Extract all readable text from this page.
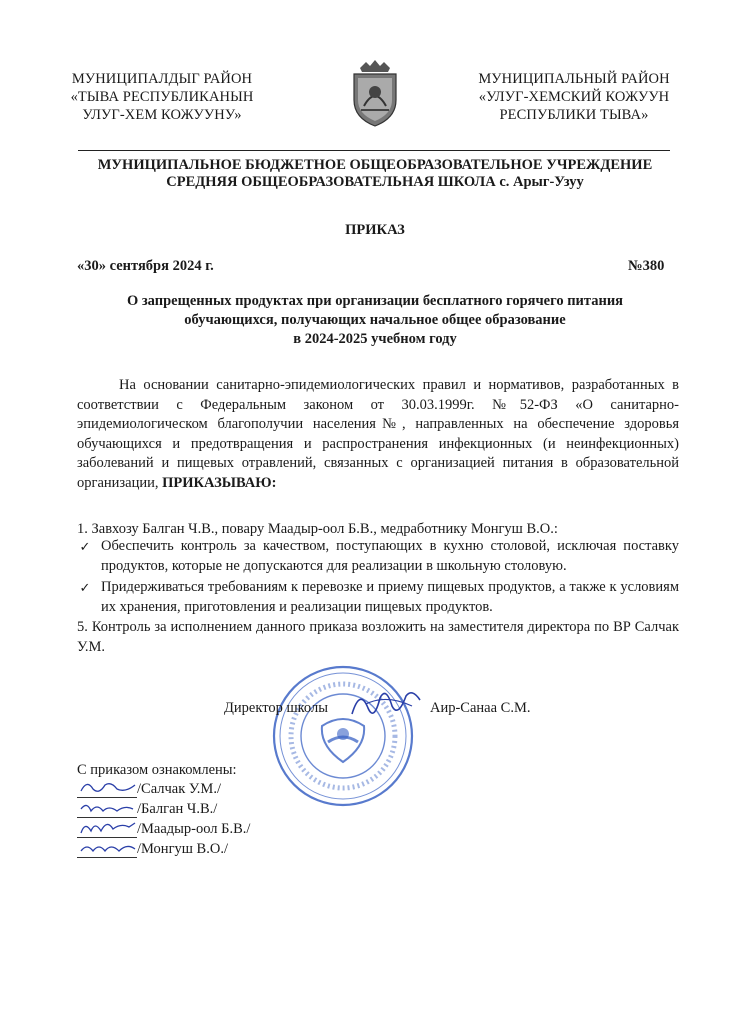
МУНИЦИПАЛДЫГ РАЙОН
«ТЫВА РЕСПУБЛИКАНЫН
УЛУГ-ХЕМ КОЖУУНУ»
МУНИЦИПАЛЬНЫЙ РАЙОН
«УЛУГ-ХЕМСКИЙ КОЖУУН
РЕСПУБЛИКИ ТЫВА»
МУНИЦИПАЛЬНОЕ БЮДЖЕТНОЕ ОБЩЕОБРАЗОВАТЕЛЬНОЕ УЧРЕЖДЕНИЕ
СРЕДНЯЯ ОБЩЕОБРАЗОВАТЕЛЬНАЯ ШКОЛА с. Арыг-Узуу
ПРИКАЗ
«30» сентября 2024 г.	№380
О запрещенных продуктах при организации бесплатного горячего питания
обучающихся, получающих начальное общее образование
в 2024-2025 учебном году
На основании санитарно-эпидемиологических правил и нормативов, разработанных в соответствии с Федеральным законом от 30.03.1999г. №52-ФЗ «О санитарно-эпидемиологическом благополучии населения№, направленных на обеспечение здоровья обучающихся и предотвращения и распространения инфекционных (и неинфекционных) заболеваний и пищевых отравлений, связанных с организацией питания в образовательной организации, ПРИКАЗЫВАЮ:
1. Завхозу Балган Ч.В., повару Маадыр-оол Б.В., медработнику Монгуш В.О.:
✓ Обеспечить контроль за качеством, поступающих в кухню столовой, исключая поставку продуктов, которые не допускаются для реализации в школьную столовую.
✓ Придерживаться требованиям к перевозке и приему пищевых продуктов, а также к условиям их хранения, приготовления и реализации пищевых продуктов.
5. Контроль за исполнением данного приказа возложить на заместителя директора по ВР Салчак У.М.
Директор школы	Аир-Санаа С.М.
С приказом ознакомлены:
/Салчак У.М./
/Балган Ч.В./
/Маадыр-оол Б.В./
/Монгуш В.О./
